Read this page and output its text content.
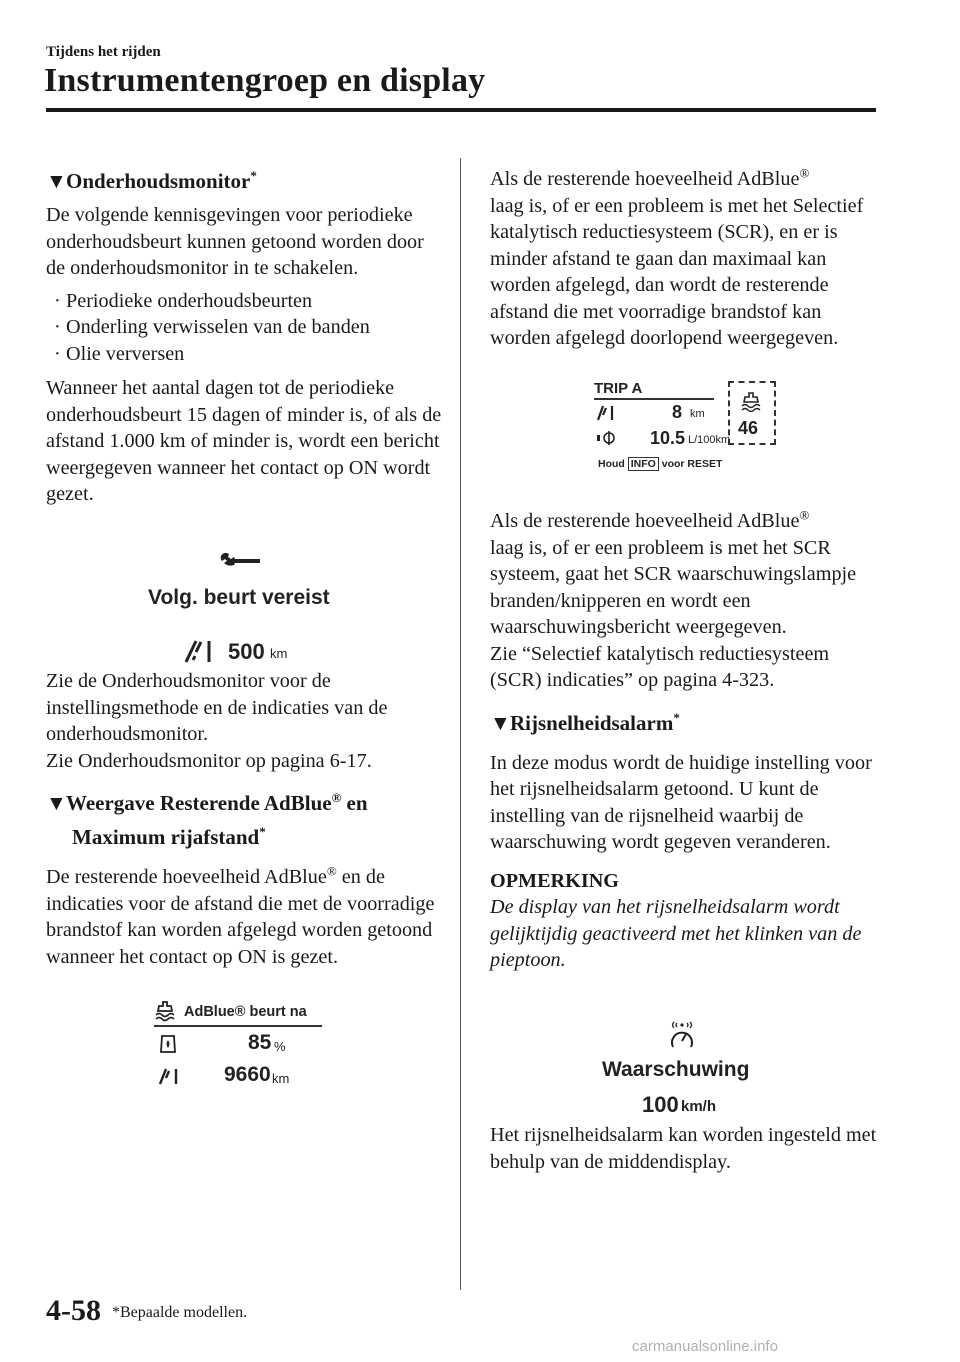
Tijdens het rijden
Instrumentengroep en display

▼Onderhoudsmonitor*

De volgende kennisgevingen voor periodieke onderhoudsbeurt kunnen getoond worden door de onderhoudsmonitor in te schakelen.

· Periodieke onderhoudsbeurten

· Onderling verwisselen van de banden

· Olie verversen

Wanneer het aantal dagen tot de periodieke onderhoudsbeurt 15 dagen of minder is, of als de afstand 1.000 km of minder is, wordt een bericht weergegeven wanneer het contact op ON wordt gezet.

Volg. beurt vereist
500 km

Zie de Onderhoudsmonitor voor de instellingsmethode en de indicaties van de onderhoudsmonitor.

Zie Onderhoudsmonitor op pagina 6-17.

▼Weergave Resterende AdBlue® en

Maximum rijafstand*

De resterende hoeveelheid AdBlue® en de indicaties voor de afstand die met de voorradige brandstof kan worden afgelegd worden getoond wanneer het contact op ON is gezet.

AdBlue® beurt na
85 %
9660 km

Als de resterende hoeveelheid AdBlue®
laag is, of er een probleem is met het Selectief katalytisch reductiesysteem (SCR), en er is minder afstand te gaan dan maximaal kan worden afgelegd, dan wordt de resterende afstand die met voorradige brandstof kan worden afgelegd doorlopend weergegeven.

TRIP A
46
8 km
10.5 L/100km
Houd INFO voor RESET

Als de resterende hoeveelheid AdBlue®
laag is, of er een probleem is met het SCR systeem, gaat het SCR waarschuwingslampje branden/knipperen en wordt een waarschuwingsbericht weergegeven.

Zie “Selectief katalytisch reductiesysteem (SCR) indicaties” op pagina 4-323.

▼Rijsnelheidsalarm*

In deze modus wordt de huidige instelling voor het rijsnelheidsalarm getoond. U kunt de instelling van de rijsnelheid waarbij de waarschuwing wordt gegeven veranderen.

OPMERKING

De display van het rijsnelheidsalarm wordt gelijktijdig geactiveerd met het klinken van de pieptoon.

Waarschuwing
100 km/h

Het rijsnelheidsalarm kan worden ingesteld met behulp van de middendisplay.

4-58 *Bepaalde modellen.
carmanualsonline.info
